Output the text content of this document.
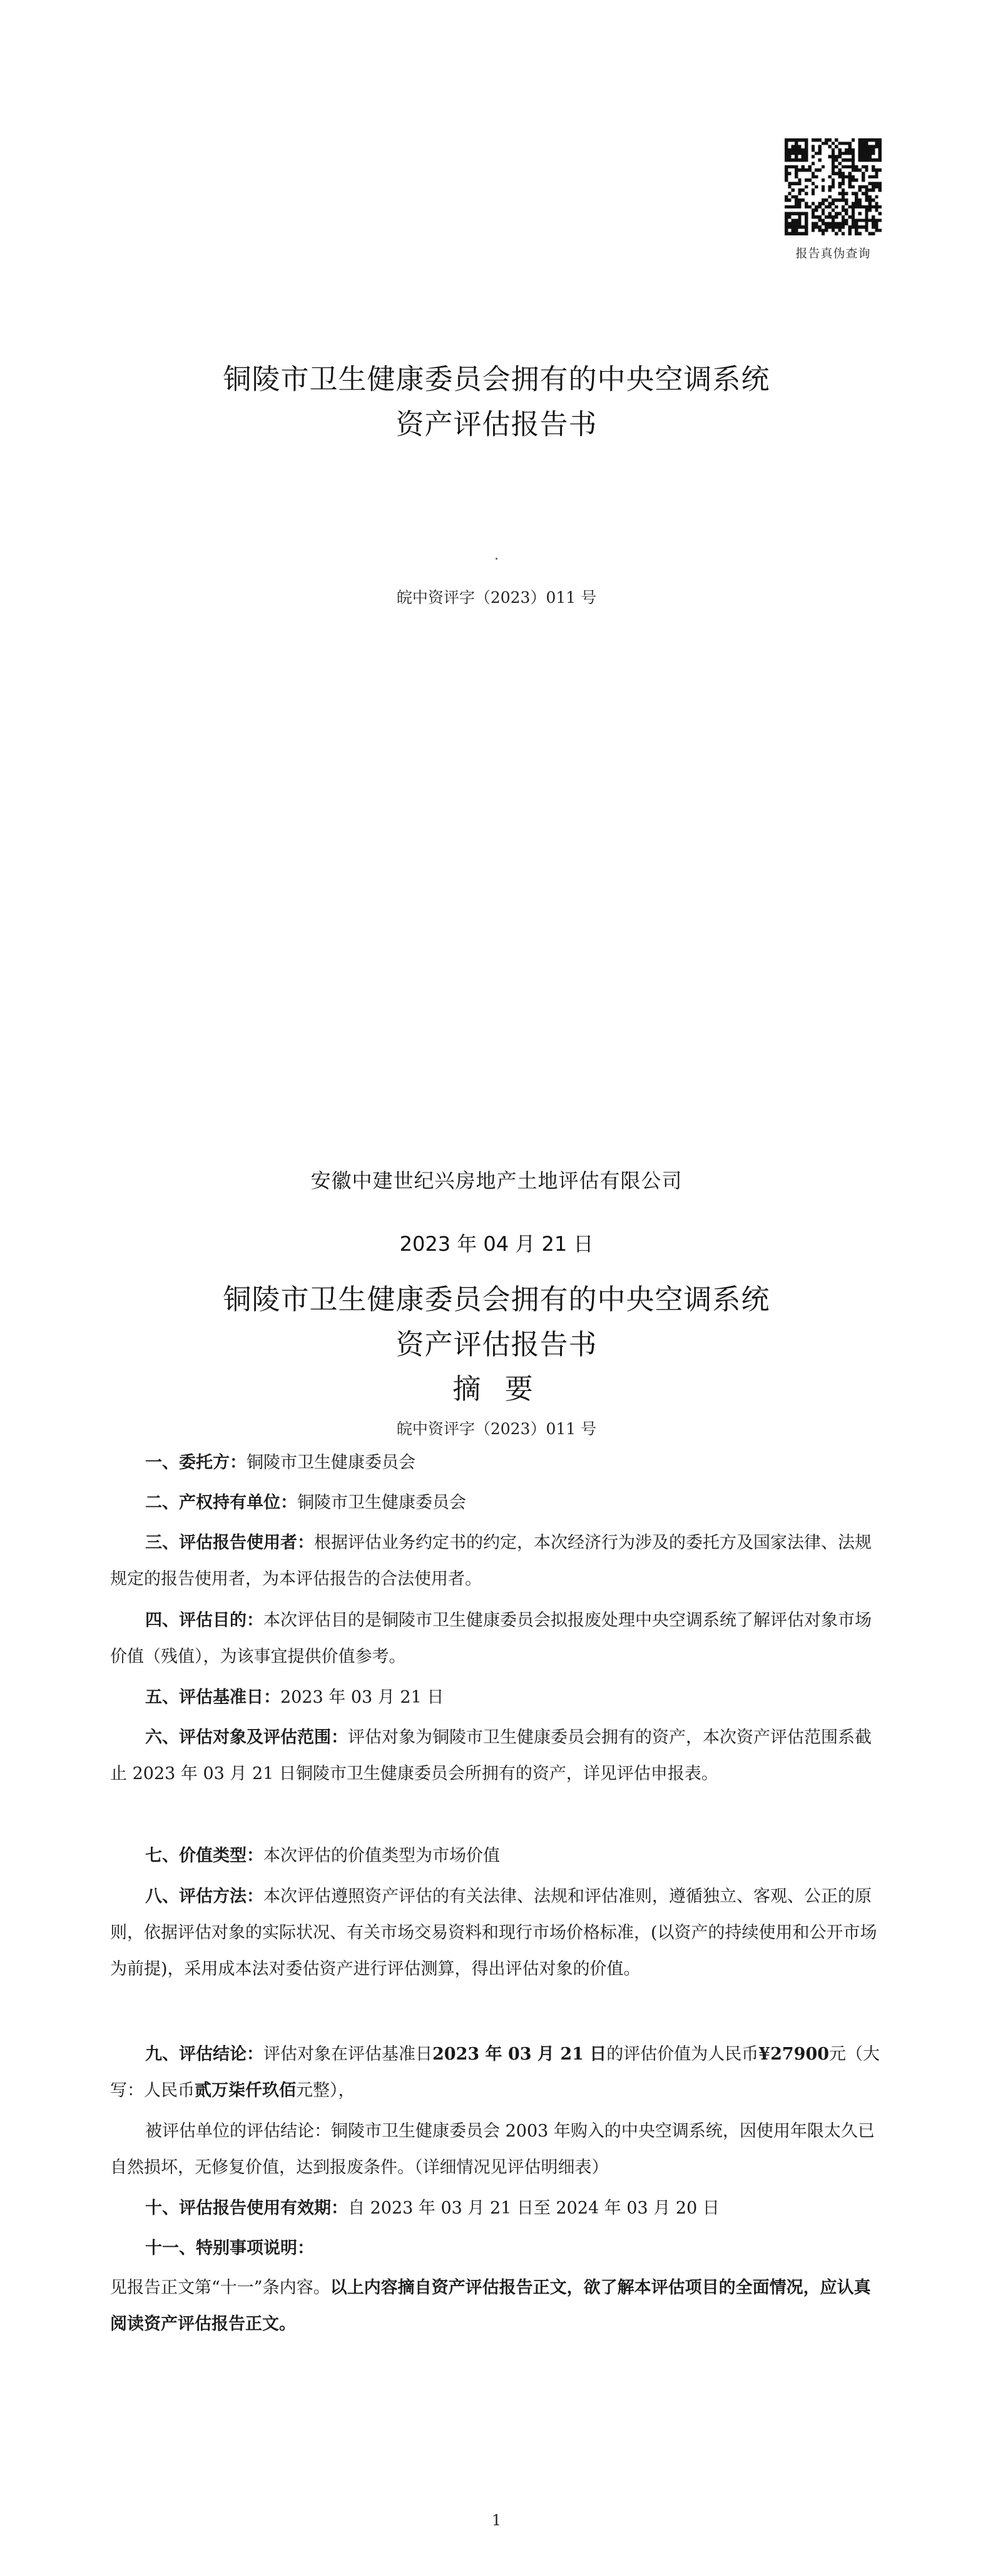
报告真伪查询
铜陵市卫生健康委员会拥有的中央空调系统
资产评估报告书
皖中资评字（2023）011 号
安徽中建世纪兴房地产土地评估有限公司
2023 年 04 月 21 日
铜陵市卫生健康委员会拥有的中央空调系统
资产评估报告书
摘 要
皖中资评字（2023）011 号
一、委托方：铜陵市卫生健康委员会
二、产权持有单位：铜陵市卫生健康委员会
三、评估报告使用者：根据评估业务约定书的约定，本次经济行为涉及的委托方及国家法律、法规规定的报告使用者，为本评估报告的合法使用者。
四、评估目的：本次评估目的是铜陵市卫生健康委员会拟报废处理中央空调系统了解评估对象市场价值（残值），为该事宜提供价值参考。
五、评估基准日：2023 年 03 月 21 日
六、评估对象及评估范围：评估对象为铜陵市卫生健康委员会拥有的资产，本次资产评估范围系截止 2023 年 03 月 21 日铜陵市卫生健康委员会所拥有的资产，详见评估申报表。
七、价值类型：本次评估的价值类型为市场价值
八、评估方法：本次评估遵照资产评估的有关法律、法规和评估准则，遵循独立、客观、公正的原则，依据评估对象的实际状况、有关市场交易资料和现行市场价格标准，(以资产的持续使用和公开市场为前提)，采用成本法对委估资产进行评估测算，得出评估对象的价值。
九、评估结论：评估对象在评估基准日2023 年 03 月 21 日的评估价值为人民币¥27900元（大写：人民币贰万柒仟玖佰元整），
被评估单位的评估结论：铜陵市卫生健康委员会 2003 年购入的中央空调系统，因使用年限太久已自然损坏，无修复价值，达到报废条件。（详细情况见评估明细表）
十、评估报告使用有效期：自 2023 年 03 月 21 日至 2024 年 03 月 20 日
十一、特别事项说明：
见报告正文第“十一”条内容。以上内容摘自资产评估报告正文，欲了解本评估项目的全面情况，应认真阅读资产评估报告正文。
1
